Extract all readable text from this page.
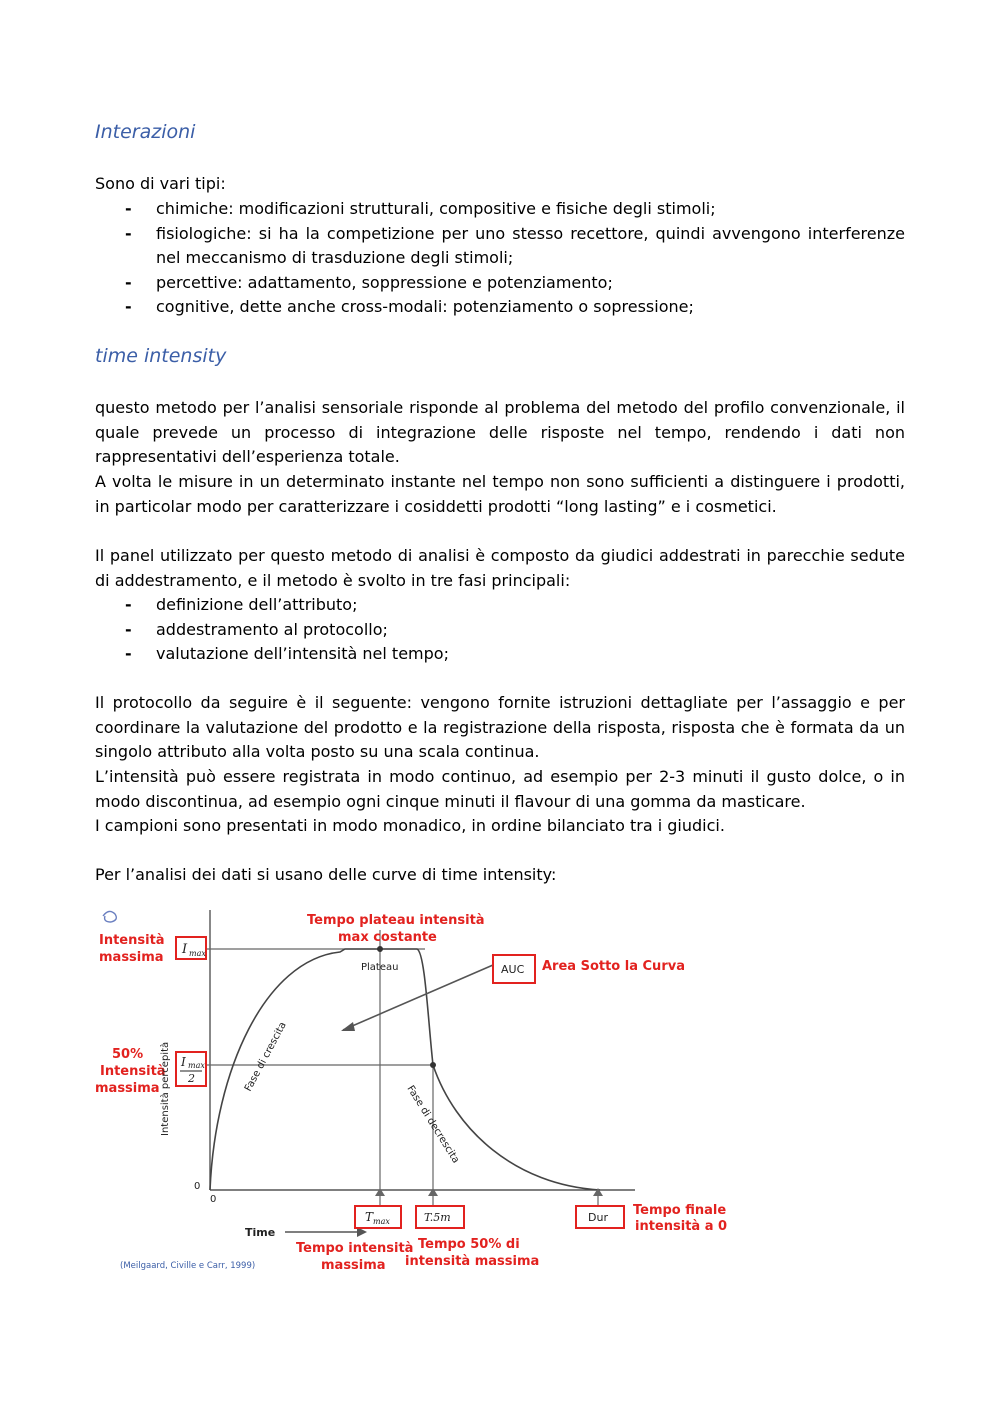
Interazioni

Sono di vari tipi:

- chimiche: modificazioni strutturali, compositive e fisiche degli stimoli;
- fisiologiche: si ha la competizione per uno stesso recettore, quindi avvengono interferenze nel meccanismo di trasduzione degli stimoli;
- percettive: adattamento, soppressione e potenziamento;
- cognitive, dette anche cross-modali: potenziamento o sopressione;
time intensity

questo metodo per l’analisi sensoriale risponde al problema del metodo del profilo convenzionale, il quale prevede un processo di integrazione delle risposte nel tempo, rendendo i dati non rappresentativi dell’esperienza totale.

A volta le misure in un determinato instante nel tempo non sono sufficienti a distinguere i prodotti, in particolar modo per caratterizzare i cosiddetti prodotti “long lasting” e i cosmetici.

Il panel utilizzato per questo metodo di analisi è composto da giudici addestrati in parecchie sedute di addestramento, e il metodo è svolto in tre fasi principali:

- definizione dell’attributo;
- addestramento al protocollo;
- valutazione dell’intensità nel tempo;

Il protocollo da seguire è il seguente: vengono fornite istruzioni dettagliate per l’assaggio e per coordinare la valutazione del prodotto e la registrazione della risposta, risposta che è formata da un singolo attributo alla volta posto su una scala continua.

L’intensità può essere registrata in modo continuo, ad esempio per 2-3 minuti il gusto dolce, o in modo discontinua, ad esempio ogni cinque minuti il flavour di una gomma da masticare.

I campioni sono presentati in modo monadico, in ordine bilanciato tra i giudici.

Per l’analisi dei dati si usano delle curve di time intensity:

I max
I max
2
AUC
T max	T.5m	Dur
Intensità
massima
50%
Intensità
massima
Tempo plateau intensità
max costante
Area Sotto la Curva
Tempo finale
intensità a 0
Tempo intensità
massima
Tempo 50% di
intensità massima
Plateau
Fase di crescita
Fase di decrescita
Intensità percepità
Time
0
0
(Meilgaard, Civille e Carr, 1999)
